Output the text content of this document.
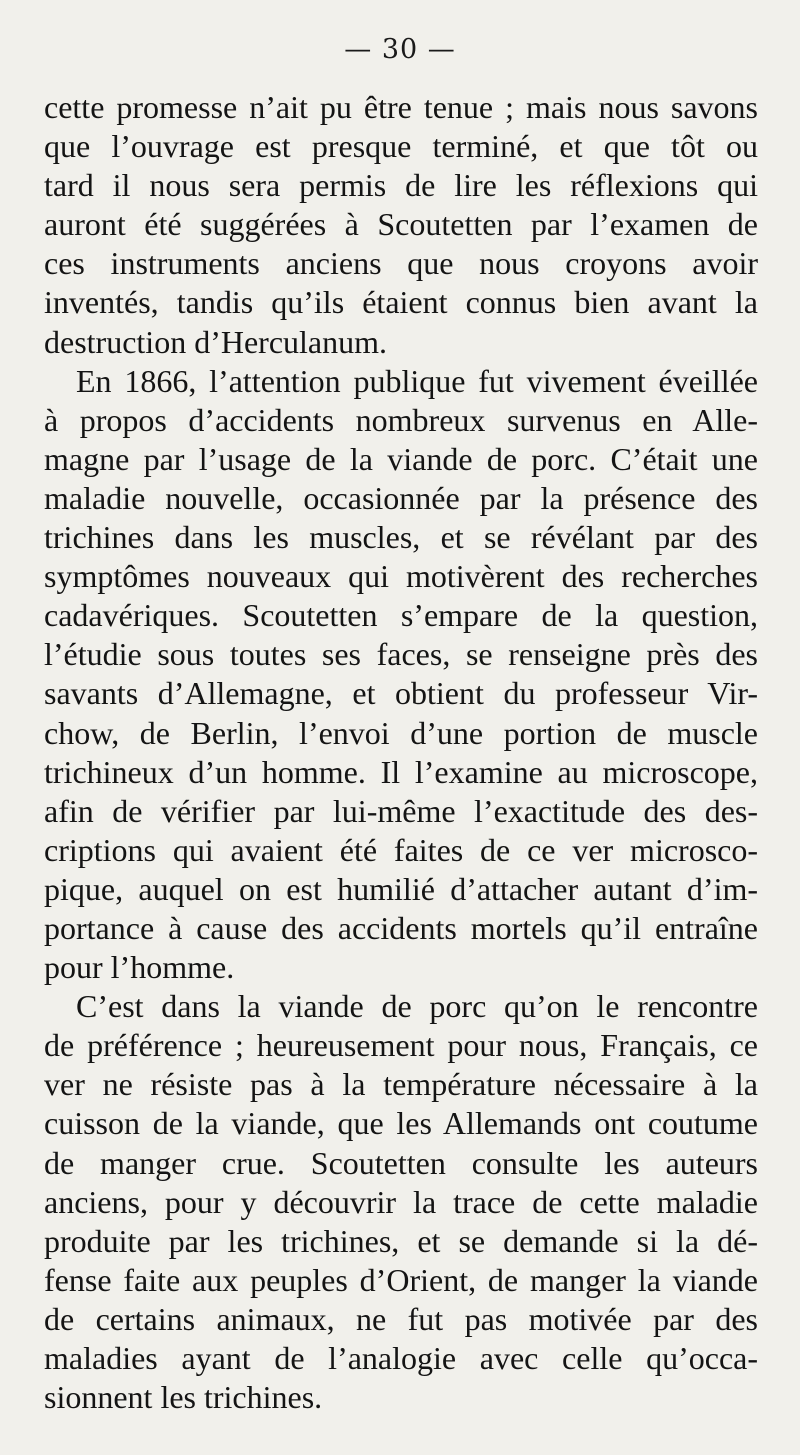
— 30 —
cette promesse n’ait pu être tenue ; mais nous savons
que l’ouvrage est presque terminé, et que tôt ou
tard il nous sera permis de lire les réflexions qui
auront été suggérées à Scoutetten par l’examen de
ces instruments anciens que nous croyons avoir
inventés, tandis qu’ils étaient connus bien avant la
destruction d’Herculanum.
En 1866, l’attention publique fut vivement éveillée
à propos d’accidents nombreux survenus en Alle-
magne par l’usage de la viande de porc. C’était une
maladie nouvelle, occasionnée par la présence des
trichines dans les muscles, et se révélant par des
symptômes nouveaux qui motivèrent des recherches
cadavériques. Scoutetten s’empare de la question,
l’étudie sous toutes ses faces, se renseigne près des
savants d’Allemagne, et obtient du professeur Vir-
chow, de Berlin, l’envoi d’une portion de muscle
trichineux d’un homme. Il l’examine au microscope,
afin de vérifier par lui-même l’exactitude des des-
criptions qui avaient été faites de ce ver microsco-
pique, auquel on est humilié d’attacher autant d’im-
portance à cause des accidents mortels qu’il entraîne
pour l’homme.
C’est dans la viande de porc qu’on le rencontre
de préférence ; heureusement pour nous, Français, ce
ver ne résiste pas à la température nécessaire à la
cuisson de la viande, que les Allemands ont coutume
de manger crue. Scoutetten consulte les auteurs
anciens, pour y découvrir la trace de cette maladie
produite par les trichines, et se demande si la dé-
fense faite aux peuples d’Orient, de manger la viande
de certains animaux, ne fut pas motivée par des
maladies ayant de l’analogie avec celle qu’occa-
sionnent les trichines.
